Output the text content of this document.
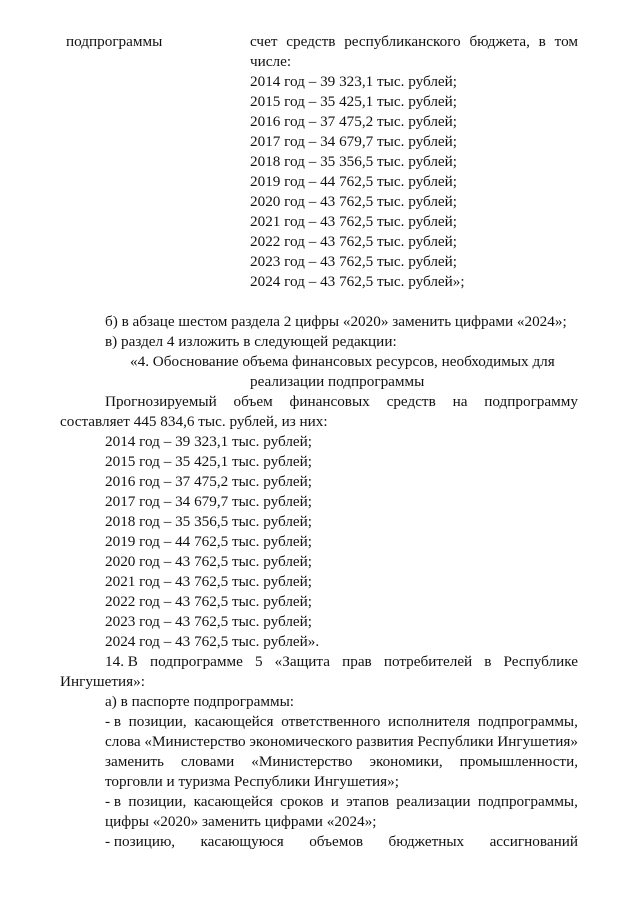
подпрограммы	счет средств республиканского бюджета, в том
числе:
2014 год – 39 323,1 тыс. рублей;
2015 год – 35 425,1 тыс. рублей;
2016 год – 37 475,2 тыс. рублей;
2017 год – 34 679,7 тыс. рублей;
2018 год – 35 356,5 тыс. рублей;
2019 год – 44 762,5 тыс. рублей;
2020 год – 43 762,5 тыс. рублей;
2021 год – 43 762,5 тыс. рублей;
2022 год – 43 762,5 тыс. рублей;
2023 год – 43 762,5 тыс. рублей;
2024 год – 43 762,5 тыс. рублей»;
б) в абзаце шестом раздела 2 цифры «2020» заменить цифрами «2024»;
в) раздел 4 изложить в следующей редакции:
«4. Обоснование объема финансовых ресурсов, необходимых для
реализации подпрограммы
Прогнозируемый объем финансовых средств на подпрограмму
составляет 445 834,6 тыс. рублей, из них:
2014 год – 39 323,1 тыс. рублей;
2015 год – 35 425,1 тыс. рублей;
2016 год – 37 475,2 тыс. рублей;
2017 год – 34 679,7 тыс. рублей;
2018 год – 35 356,5 тыс. рублей;
2019 год – 44 762,5 тыс. рублей;
2020 год – 43 762,5 тыс. рублей;
2021 год – 43 762,5 тыс. рублей;
2022 год – 43 762,5 тыс. рублей;
2023 год – 43 762,5 тыс. рублей;
2024 год – 43 762,5 тыс. рублей».
14. В подпрограмме 5 «Защита прав потребителей в Республике
Ингушетия»:
а) в паспорте подпрограммы:
- в позиции, касающейся ответственного исполнителя подпрограммы,
слова «Министерство экономического развития Республики Ингушетия»
заменить словами «Министерство экономики, промышленности,
торговли и туризма Республики Ингушетия»;
- в позиции, касающейся сроков и этапов реализации подпрограммы,
цифры «2020» заменить цифрами «2024»;
- позицию, касающуюся объемов бюджетных ассигнований
